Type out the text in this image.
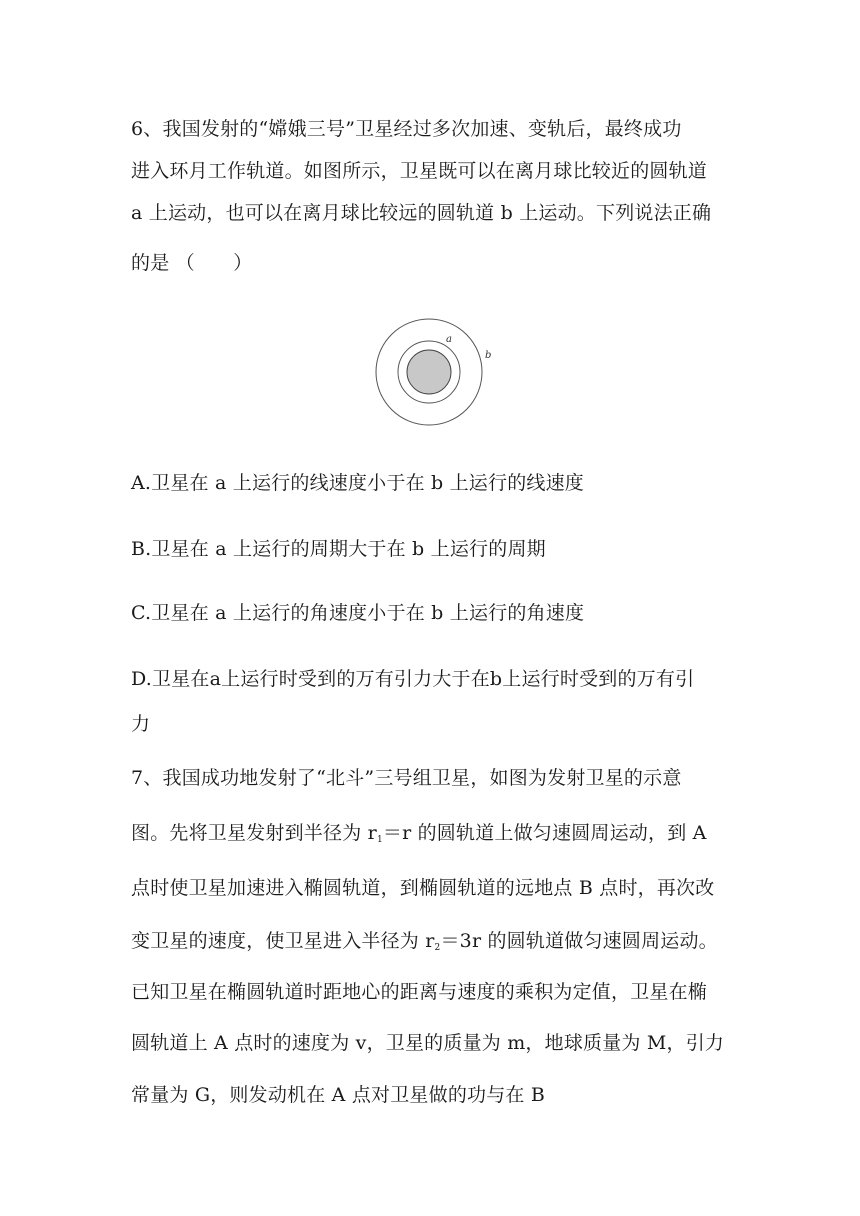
6、我国发射的“嫦娥三号”卫星经过多次加速、变轨后，最终成功
进入环月工作轨道。如图所示，卫星既可以在离月球比较近的圆轨道
a 上运动，也可以在离月球比较远的圆轨道 b 上运动。下列说法正确
的是 （　　）
a
b
A.卫星在 a 上运行的线速度小于在 b 上运行的线速度
B.卫星在 a 上运行的周期大于在 b 上运行的周期
C.卫星在 a 上运行的角速度小于在 b 上运行的角速度
D.卫星在a上运行时受到的万有引力大于在b上运行时受到的万有引
力
7、我国成功地发射了“北斗”三号组卫星，如图为发射卫星的示意
图。先将卫星发射到半径为 $r_1=r$ 的圆轨道上做匀速圆周运动，到 A
点时使卫星加速进入椭圆轨道，到椭圆轨道的远地点 B 点时，再次改
变卫星的速度，使卫星进入半径为 $r_2=3r$ 的圆轨道做匀速圆周运动。
已知卫星在椭圆轨道时距地心的距离与速度的乘积为定值，卫星在椭
圆轨道上 A 点时的速度为 v，卫星的质量为 m，地球质量为 M，引力
常量为 G，则发动机在 A 点对卫星做的功与在 B
